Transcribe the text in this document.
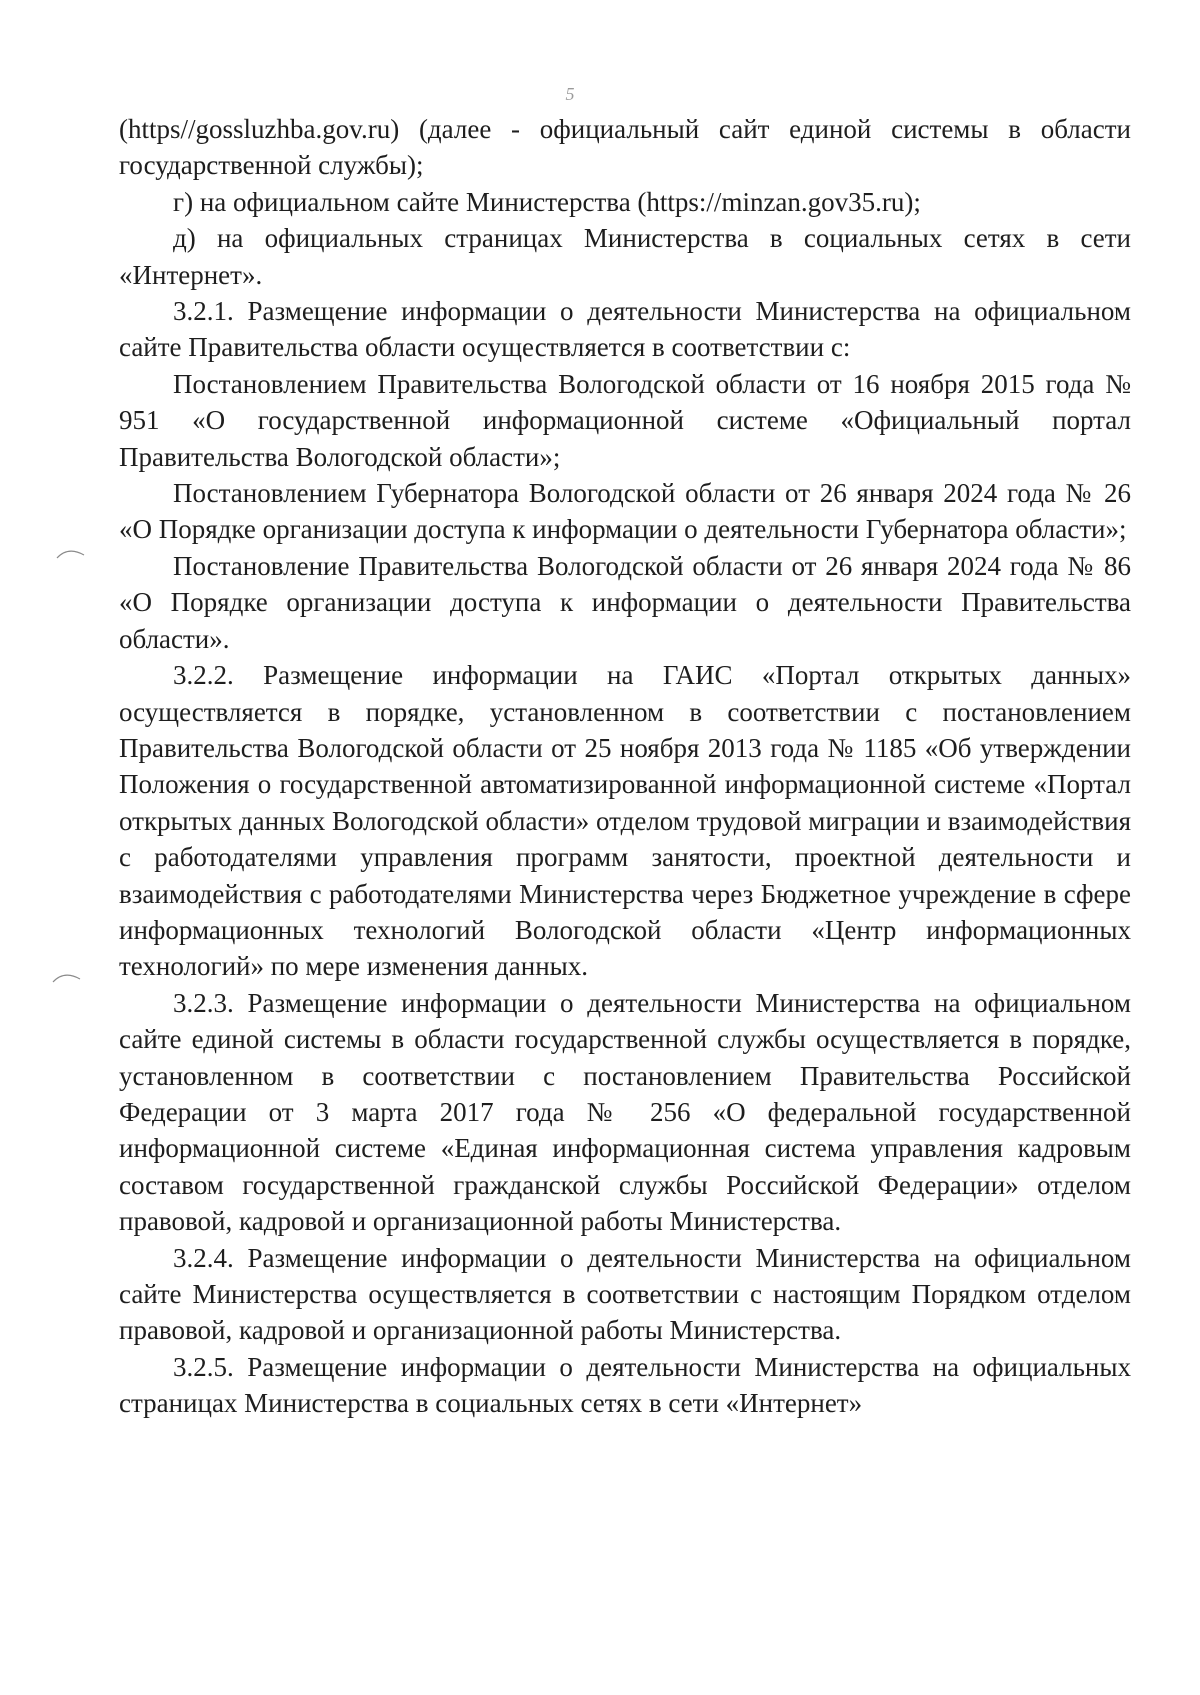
5

(https//gossluzhba.gov.ru) (далее - официальный сайт единой системы в области государственной службы);

г) на официальном сайте Министерства (https://minzan.gov35.ru);

д) на официальных страницах Министерства в социальных сетях в сети «Интернет».

3.2.1. Размещение информации о деятельности Министерства на официальном сайте Правительства области осуществляется в соответствии с:

Постановлением Правительства Вологодской области от 16 ноября 2015 года № 951 «О государственной информационной системе «Официальный портал Правительства Вологодской области»;

Постановлением Губернатора Вологодской области от 26 января 2024 года № 26 «О Порядке организации доступа к информации о деятельности Губернатора области»;

Постановление Правительства Вологодской области от 26 января 2024 года № 86 «О Порядке организации доступа к информации о деятельности Правительства области».

3.2.2. Размещение информации на ГАИС «Портал открытых данных» осуществляется в порядке, установленном в соответствии с постановлением Правительства Вологодской области от 25 ноября 2013 года № 1185 «Об утверждении Положения о государственной автоматизированной информационной системе «Портал открытых данных Вологодской области» отделом трудовой миграции и взаимодействия с работодателями управления программ занятости, проектной деятельности и взаимодействия с работодателями Министерства через Бюджетное учреждение в сфере информационных технологий Вологодской области «Центр информационных технологий» по мере изменения данных.

3.2.3. Размещение информации о деятельности Министерства на официальном сайте единой системы в области государственной службы осуществляется в порядке, установленном в соответствии с постановлением Правительства Российской Федерации от 3 марта 2017 года № 256 «О федеральной государственной информационной системе «Единая информационная система управления кадровым составом государственной гражданской службы Российской Федерации» отделом правовой, кадровой и организационной работы Министерства.

3.2.4. Размещение информации о деятельности Министерства на официальном сайте Министерства осуществляется в соответствии с настоящим Порядком отделом правовой, кадровой и организационной работы Министерства.

3.2.5. Размещение информации о деятельности Министерства на официальных страницах Министерства в социальных сетях в сети «Интернет»
